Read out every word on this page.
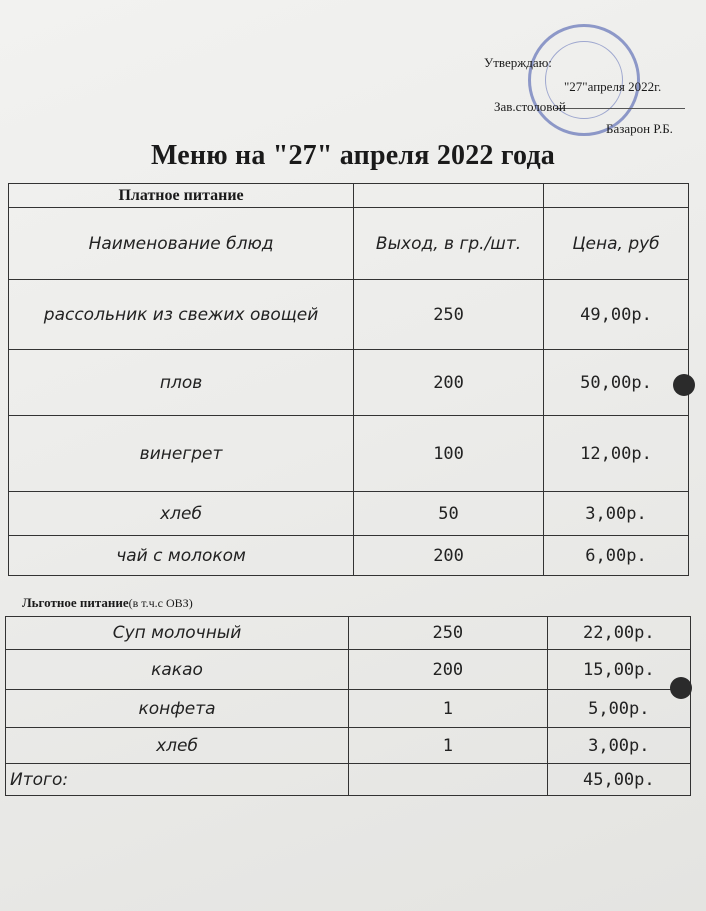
Утверждаю:
"27"апреля 2022г.
Зав.столовой
Базарон Р.Б.
Меню на "27" апреля 2022 года
Платное питание		
Наименование блюд	Выход, в гр./шт.	Цена, руб
рассольник из свежих овощей	250	49,00р.
плов	200	50,00р.
винегрет	100	12,00р.
хлеб	50	3,00р.
чай с молоком	200	6,00р.
Льготное питание(в т.ч.с ОВЗ)
Суп молочный	250	22,00р.
какао	200	15,00р.
конфета	1	5,00р.
хлеб	1	3,00р.
Итого:		45,00р.
